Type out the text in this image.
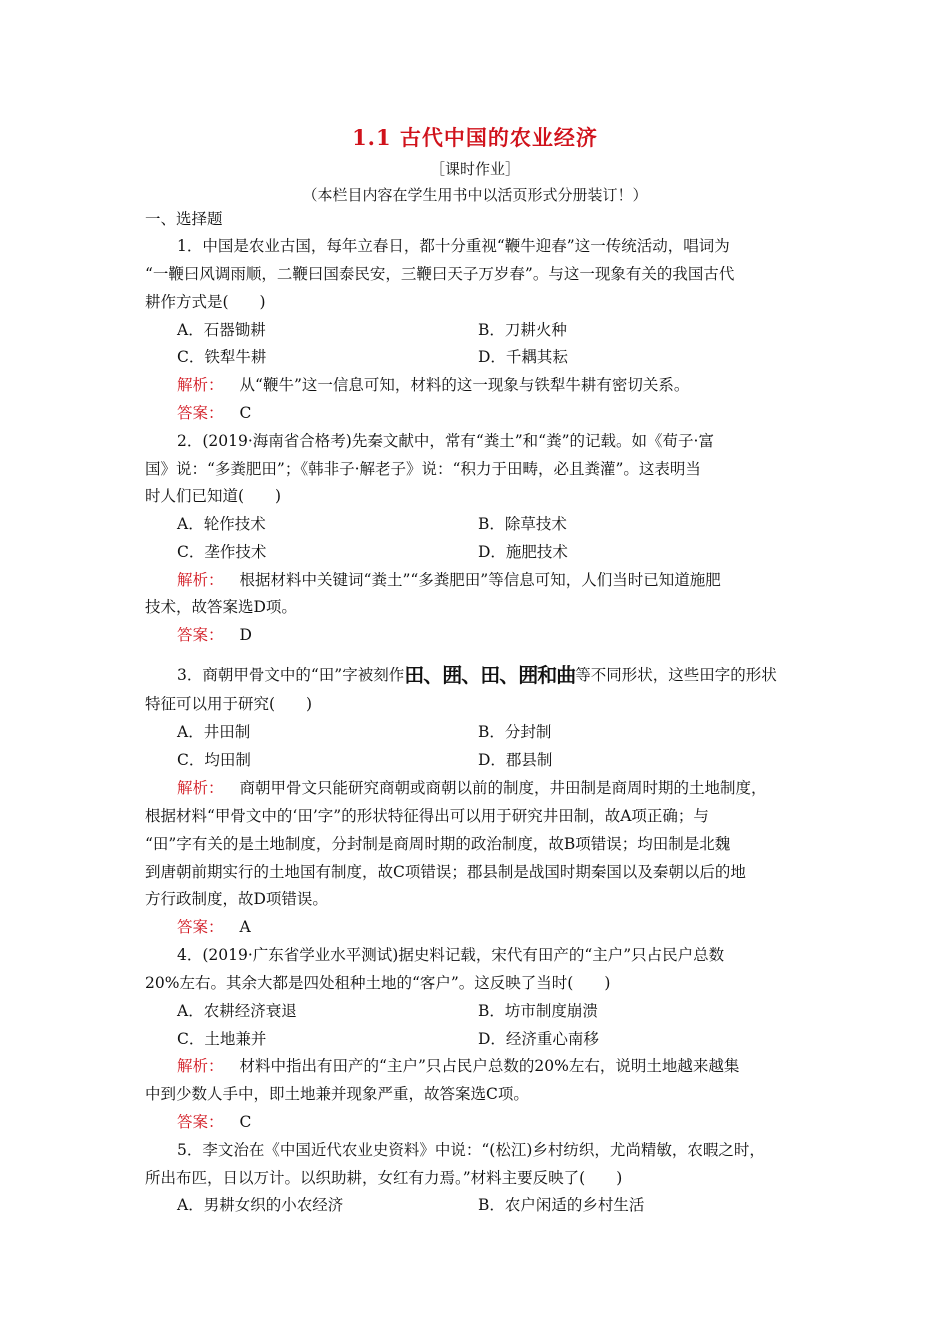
1.1 古代中国的农业经济
［课时作业］
（本栏目内容在学生用书中以活页形式分册装订！）
一、选择题
1．中国是农业古国，每年立春日，都十分重视“鞭牛迎春”这一传统活动，唱词为
“一鞭曰风调雨顺，二鞭曰国泰民安，三鞭曰天子万岁春”。与这一现象有关的我国古代
耕作方式是(　　)
A．石器锄耕	B．刀耕火种
C．铁犁牛耕	D．千耦其耘
解析： 从“鞭牛”这一信息可知，材料的这一现象与铁犁牛耕有密切关系。
答案： C
2．(2019·海南省合格考)先秦文献中，常有“粪土”和“粪”的记载。如《荀子·富
国》说：“多粪肥田”；《韩非子·解老子》说：“积力于田畴，必且粪灌”。这表明当
时人们已知道(　　)
A．轮作技术	B．除草技术
C．垄作技术	D．施肥技术
解析： 根据材料中关键词“粪土”“多粪肥田”等信息可知，人们当时已知道施肥
技术，故答案选D项。
答案： D
3．商朝甲骨文中的“田”字被刻作田、囲、田、囲和曲等不同形状，这些田字的形状
特征可以用于研究(　　)
A．井田制	B．分封制
C．均田制	D．郡县制
解析： 商朝甲骨文只能研究商朝或商朝以前的制度，井田制是商周时期的土地制度，
根据材料“甲骨文中的‘田’字”的形状特征得出可以用于研究井田制，故A项正确；与
“田”字有关的是土地制度，分封制是商周时期的政治制度，故B项错误；均田制是北魏
到唐朝前期实行的土地国有制度，故C项错误；郡县制是战国时期秦国以及秦朝以后的地
方行政制度，故D项错误。
答案： A
4．(2019·广东省学业水平测试)据史料记载，宋代有田产的“主户”只占民户总数
20%左右。其余大都是四处租种土地的“客户”。这反映了当时(　　)
A．农耕经济衰退	B．坊市制度崩溃
C．土地兼并	D．经济重心南移
解析： 材料中指出有田产的“主户”只占民户总数的20%左右，说明土地越来越集
中到少数人手中，即土地兼并现象严重，故答案选C项。
答案： C
5．李文治在《中国近代农业史资料》中说：“(松江)乡村纺织，尤尚精敏，农暇之时，
所出布匹，日以万计。以织助耕，女红有力焉。”材料主要反映了(　　)
A．男耕女织的小农经济	B．农户闲适的乡村生活
